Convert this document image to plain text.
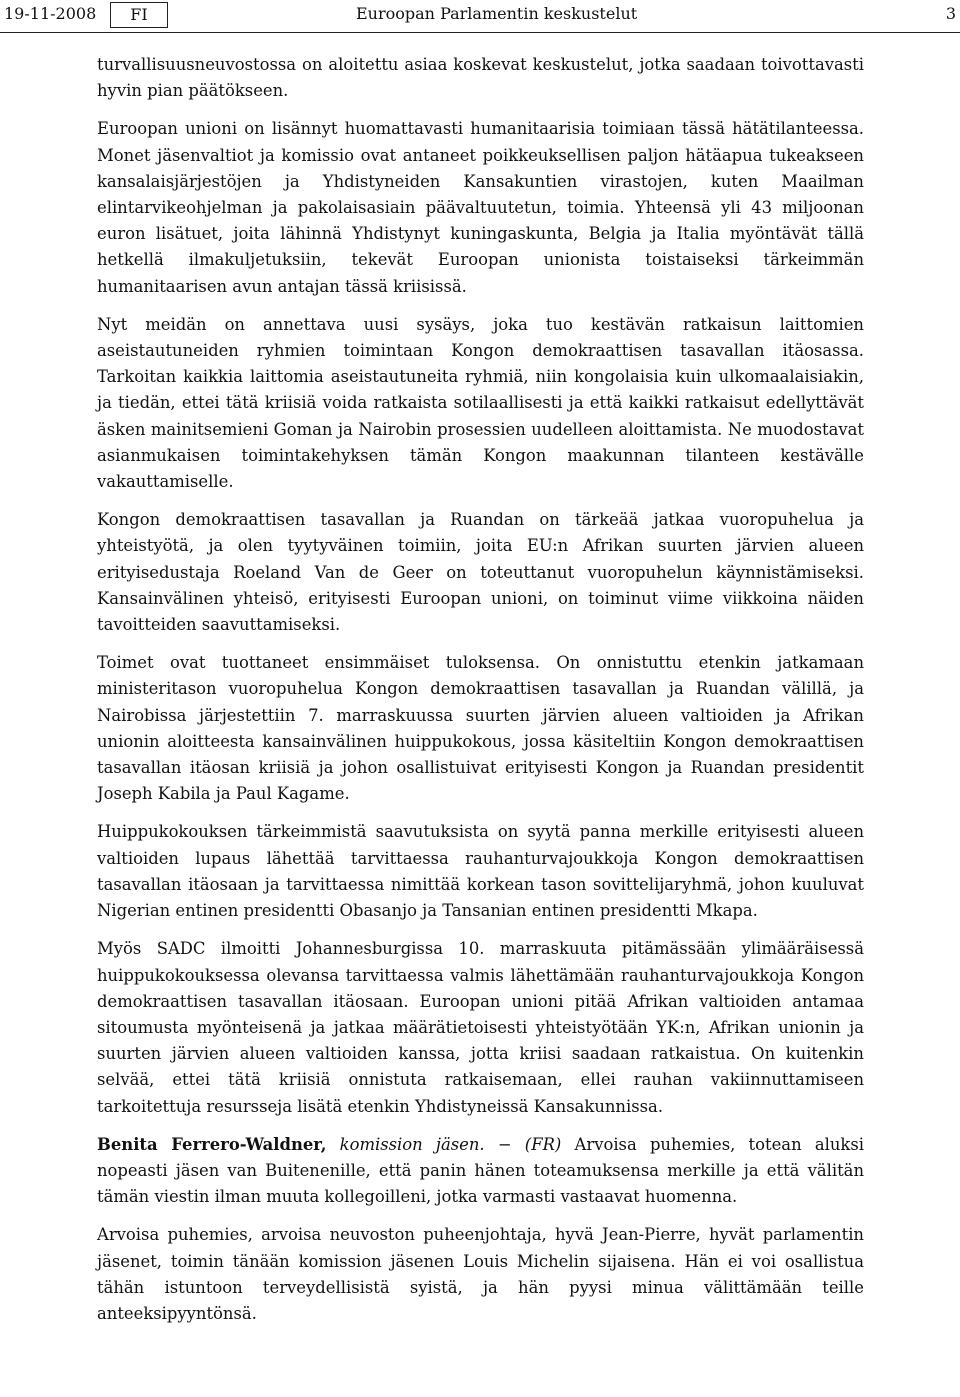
19-11-2008	FI	Euroopan Parlamentin keskustelut	3

turvallisuusneuvostossa on aloitettu asiaa koskevat keskustelut, jotka saadaan toivottavasti hyvin pian päätökseen.

Euroopan unioni on lisännyt huomattavasti humanitaarisia toimiaan tässä hätätilanteessa. Monet jäsenvaltiot ja komissio ovat antaneet poikkeuksellisen paljon hätäapua tukeakseen kansalaisjärjestöjen ja Yhdistyneiden Kansakuntien virastojen, kuten Maailman elintarvikeohjelman ja pakolaisasiain päävaltuutetun, toimia. Yhteensä yli 43 miljoonan euron lisätuet, joita lähinnä Yhdistynyt kuningaskunta, Belgia ja Italia myöntävät tällä hetkellä ilmakuljetuksiin, tekevät Euroopan unionista toistaiseksi tärkeimmän humanitaarisen avun antajan tässä kriisissä.

Nyt meidän on annettava uusi sysäys, joka tuo kestävän ratkaisun laittomien aseistautuneiden ryhmien toimintaan Kongon demokraattisen tasavallan itäosassa. Tarkoitan kaikkia laittomia aseistautuneita ryhmiä, niin kongolaisia kuin ulkomaalaisiakin, ja tiedän, ettei tätä kriisiä voida ratkaista sotilaallisesti ja että kaikki ratkaisut edellyttävät äsken mainitsemieni Goman ja Nairobin prosessien uudelleen aloittamista. Ne muodostavat asianmukaisen toimintakehyksen tämän Kongon maakunnan tilanteen kestävälle vakauttamiselle.

Kongon demokraattisen tasavallan ja Ruandan on tärkeää jatkaa vuoropuhelua ja yhteistyötä, ja olen tyytyväinen toimiin, joita EU:n Afrikan suurten järvien alueen erityisedustaja Roeland Van de Geer on toteuttanut vuoropuhelun käynnistämiseksi. Kansainvälinen yhteisö, erityisesti Euroopan unioni, on toiminut viime viikkoina näiden tavoitteiden saavuttamiseksi.

Toimet ovat tuottaneet ensimmäiset tuloksensa. On onnistuttu etenkin jatkamaan ministeritason vuoropuhelua Kongon demokraattisen tasavallan ja Ruandan välillä, ja Nairobissa järjestettiin 7. marraskuussa suurten järvien alueen valtioiden ja Afrikan unionin aloitteesta kansainvälinen huippukokous, jossa käsiteltiin Kongon demokraattisen tasavallan itäosan kriisiä ja johon osallistuivat erityisesti Kongon ja Ruandan presidentit Joseph Kabila ja Paul Kagame.

Huippukokouksen tärkeimmistä saavutuksista on syytä panna merkille erityisesti alueen valtioiden lupaus lähettää tarvittaessa rauhanturvajoukkoja Kongon demokraattisen tasavallan itäosaan ja tarvittaessa nimittää korkean tason sovittelijaryhmä, johon kuuluvat Nigerian entinen presidentti Obasanjo ja Tansanian entinen presidentti Mkapa.

Myös SADC ilmoitti Johannesburgissa 10. marraskuuta pitämässään ylimääräisessä huippukokouksessa olevansa tarvittaessa valmis lähettämään rauhanturvajoukkoja Kongon demokraattisen tasavallan itäosaan. Euroopan unioni pitää Afrikan valtioiden antamaa sitoumusta myönteisenä ja jatkaa määrätietoisesti yhteistyötään YK:n, Afrikan unionin ja suurten järvien alueen valtioiden kanssa, jotta kriisi saadaan ratkaistua. On kuitenkin selvää, ettei tätä kriisiä onnistuta ratkaisemaan, ellei rauhan vakiinnuttamiseen tarkoitettuja resursseja lisätä etenkin Yhdistyneissä Kansakunnissa.

Benita Ferrero-Waldner, komission jäsen. − (FR) Arvoisa puhemies, totean aluksi nopeasti jäsen van Buitenenille, että panin hänen toteamuksensa merkille ja että välitän tämän viestin ilman muuta kollegoilleni, jotka varmasti vastaavat huomenna.

Arvoisa puhemies, arvoisa neuvoston puheenjohtaja, hyvä Jean-Pierre, hyvät parlamentin jäsenet, toimin tänään komission jäsenen Louis Michelin sijaisena. Hän ei voi osallistua tähän istuntoon terveydellisistä syistä, ja hän pyysi minua välittämään teille anteeksipyyntönsä.
